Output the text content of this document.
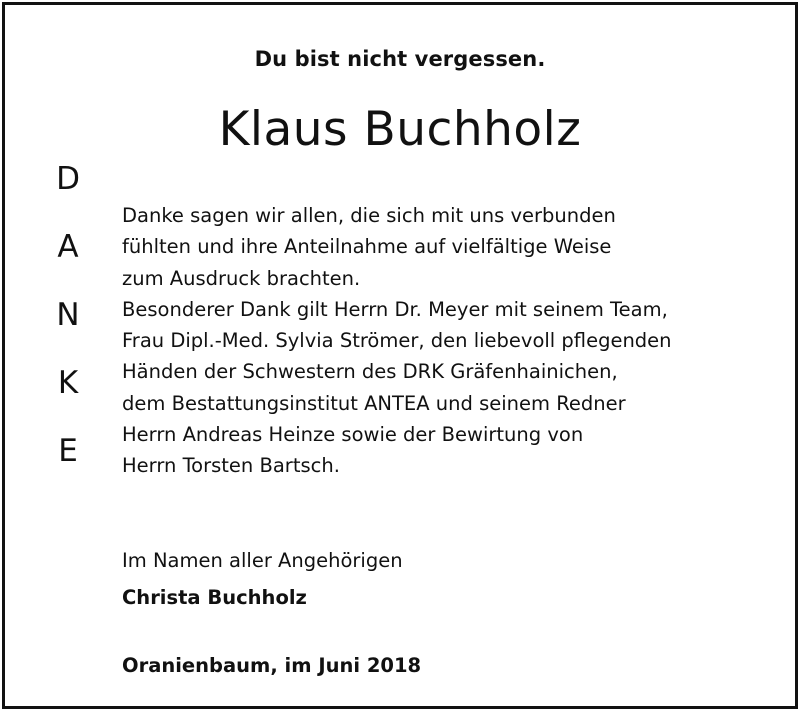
Du bist nicht vergessen.

Klaus Buchholz
D
A
N
K
E

Danke sagen wir allen, die sich mit uns verbunden

fühlten und ihre Anteilnahme auf vielfältige Weise

zum Ausdruck brachten.

Besonderer Dank gilt Herrn Dr. Meyer mit seinem Team,

Frau Dipl.-Med. Sylvia Strömer, den liebevoll pflegenden

Händen der Schwestern des DRK Gräfenhainichen,

dem Bestattungsinstitut ANTEA und seinem Redner

Herrn Andreas Heinze sowie der Bewirtung von

Herrn Torsten Bartsch.

Im Namen aller Angehörigen

Christa Buchholz

Oranienbaum, im Juni 2018
